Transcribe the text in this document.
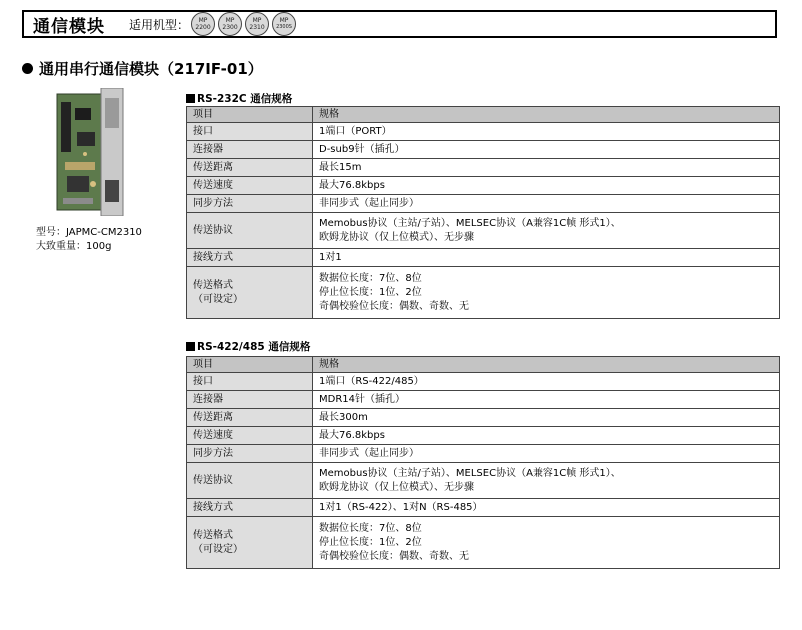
通信模块 适用机型： MP
2200
MP
2300
MP
2310
MP
2300S
通用串行通信模块（217IF-01）
型号：JAPMC-CM2310
大致重量：100g
RS-232C 通信规格
项目	规格
接口	1端口（PORT）
连接器	D-sub9针（插孔）
传送距离	最长15m
传送速度	最大76.8kbps
同步方法	非同步式（起止同步）
传送协议	Memobus协议（主站/子站）、MELSEC协议（A兼容1C帧 形式1）、
欧姆龙协议（仅上位模式）、无步骤

接线方式	1对1

传送格式
（可设定）	数据位长度：7位、8位
停止位长度：1位、2位
奇偶校验位长度：偶数、奇数、无
RS-422/485 通信规格
项目	规格
接口	1端口（RS-422/485）
连接器	MDR14针（插孔）
传送距离	最长300m
传送速度	最大76.8kbps
同步方法	非同步式（起止同步）
传送协议	Memobus协议（主站/子站）、MELSEC协议（A兼容1C帧 形式1）、
欧姆龙协议（仅上位模式）、无步骤

接线方式	1对1（RS-422）、1对N（RS-485）

传送格式
（可设定）	数据位长度：7位、8位
停止位长度：1位、2位
奇偶校验位长度：偶数、奇数、无
